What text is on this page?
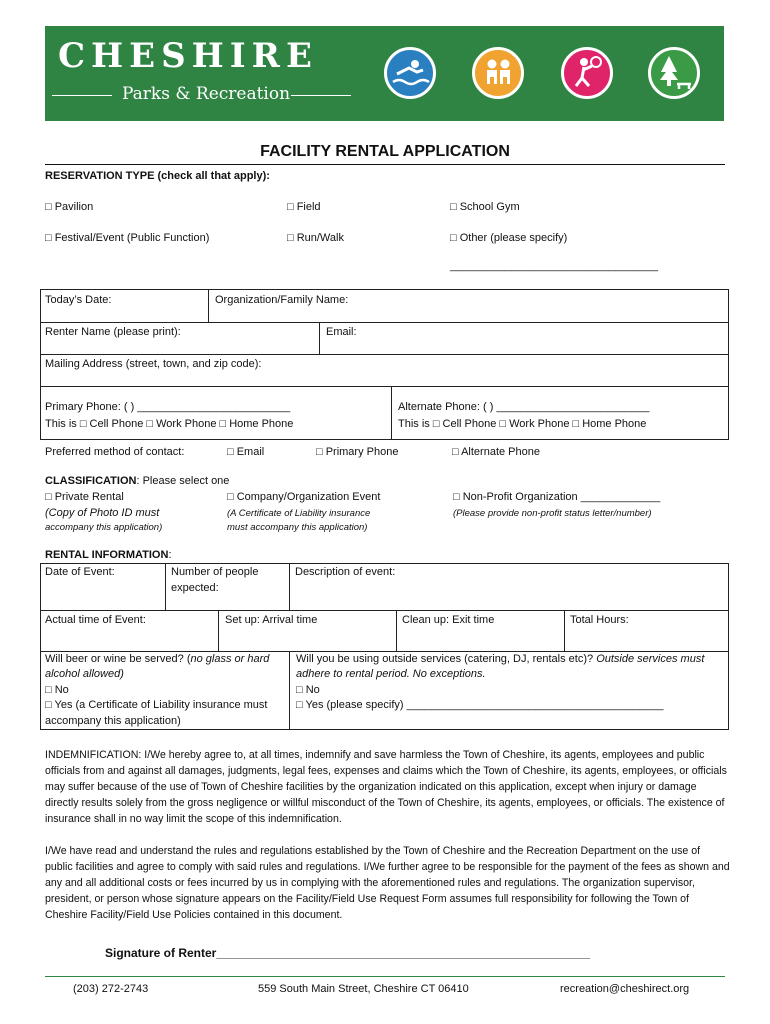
CHESHIRE
Parks & Recreation
FACILITY RENTAL APPLICATION
RESERVATION TYPE (check all that apply):
□ Pavilion	□ Field	□ School Gym
□ Festival/Event (Public Function)	□ Run/Walk	□ Other (please specify)
__________________________________
Today’s Date:	Organization/Family Name:
Renter Name (please print):	Email:
Mailing Address (street, town, and zip code):
Primary Phone: ( ) _________________________
This is □ Cell Phone □ Work Phone □ Home Phone
Alternate Phone: ( ) _________________________
This is □ Cell Phone □ Work Phone □ Home Phone
Preferred method of contact:	□ Email	□ Primary Phone	□ Alternate Phone
CLASSIFICATION: Please select one
□ Private Rental
(Copy of Photo ID must
accompany this application)
□ Company/Organization Event
(A Certificate of Liability insurance
must accompany this application)
□ Non-Profit Organization _____________
(Please provide non-profit status letter/number)
RENTAL INFORMATION:
Date of Event:	Number of people
expected:
Description of event:
Actual time of Event:	Set up: Arrival time	Clean up: Exit time	Total Hours:
Will beer or wine be served? (no glass or hard
alcohol allowed)
□ No
□ Yes (a Certificate of Liability insurance must
accompany this application)
Will you be using outside services (catering, DJ, rentals etc)? Outside services must
adhere to rental period. No exceptions.
□ No
□ Yes (please specify) __________________________________________
INDEMNIFICATION: I/We hereby agree to, at all times, indemnify and save harmless the Town of Cheshire, its agents, employees and public officials from and against all damages, judgments, legal fees, expenses and claims which the Town of Cheshire, its agents, employees, or officials may suffer because of the use of Town of Cheshire facilities by the organization indicated on this application, except when injury or damage directly results solely from the gross negligence or willful misconduct of the Town of Cheshire, its agents, employees, or officials. The existence of insurance shall in no way limit the scope of this indemnification.
I/We have read and understand the rules and regulations established by the Town of Cheshire and the Recreation Department on the use of public facilities and agree to comply with said rules and regulations. I/We further agree to be responsible for the payment of the fees as shown and any and all additional costs or fees incurred by us in complying with the aforementioned rules and regulations. The organization supervisor, president, or person whose signature appears on the Facility/Field Use Request Form assumes full responsibility for following the Town of Cheshire Facility/Field Use Policies contained in this document.
Signature of Renter________________________________________________________
(203) 272-2743	559 South Main Street, Cheshire CT 06410	recreation@cheshirect.org
